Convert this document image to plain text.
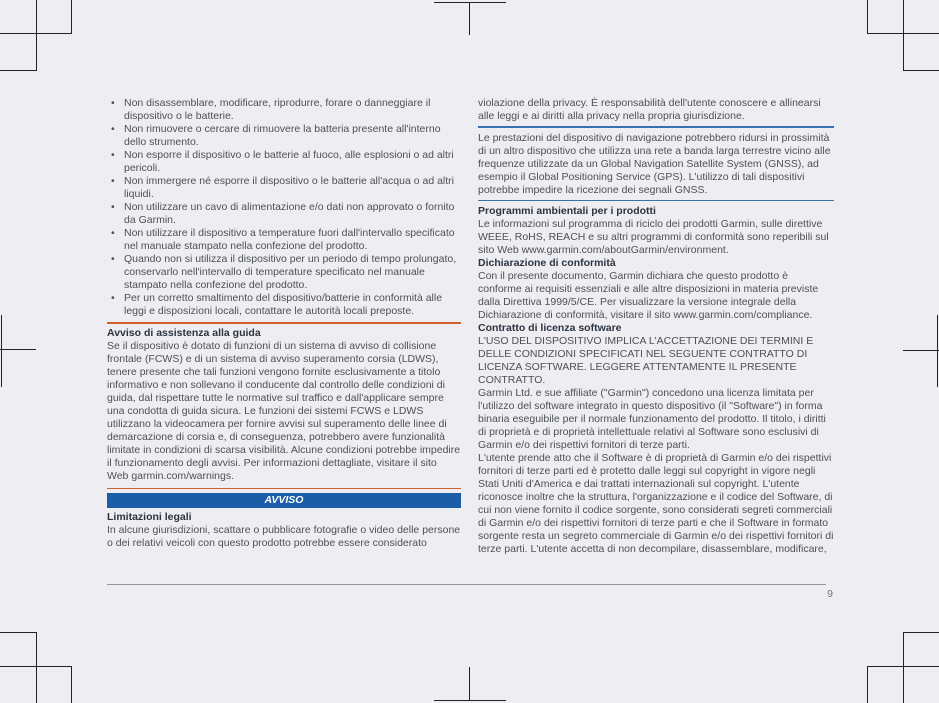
• Non disassemblare, modificare, riprodurre, forare o danneggiare il dispositivo o le batterie.
• Non rimuovere o cercare di rimuovere la batteria presente all'interno dello strumento.
• Non esporre il dispositivo o le batterie al fuoco, alle esplosioni o ad altri pericoli.
• Non immergere né esporre il dispositivo o le batterie all'acqua o ad altri liquidi.
• Non utilizzare un cavo di alimentazione e/o dati non approvato o fornito da Garmin.
• Non utilizzare il dispositivo a temperature fuori dall'intervallo specificato nel manuale stampato nella confezione del prodotto.
• Quando non si utilizza il dispositivo per un periodo di tempo prolungato, conservarlo nell'intervallo di temperature specificato nel manuale stampato nella confezione del prodotto.
• Per un corretto smaltimento del dispositivo/batterie in conformità alle leggi e disposizioni locali, contattare le autorità locali preposte.
Avviso di assistenza alla guida

Se il dispositivo è dotato di funzioni di un sistema di avviso di collisione frontale (FCWS) e di un sistema di avviso superamento corsia (LDWS), tenere presente che tali funzioni vengono fornite esclusivamente a titolo informativo e non sollevano il conducente dal controllo delle condizioni di guida, dal rispettare tutte le normative sul traffico e dall'applicare sempre una condotta di guida sicura. Le funzioni dei sistemi FCWS e LDWS utilizzano la videocamera per fornire avvisi sul superamento delle linee di demarcazione di corsia e, di conseguenza, potrebbero avere funzionalità limitate in condizioni di scarsa visibilità. Alcune condizioni potrebbe impedire il funzionamento degli avvisi. Per informazioni dettagliate, visitare il sito Web garmin.com/warnings.

AVVISO
Limitazioni legali

In alcune giurisdizioni, scattare o pubblicare fotografie o video delle persone o dei relativi veicoli con questo prodotto potrebbe essere considerato

violazione della privacy. È responsabilità dell'utente conoscere e allinearsi alle leggi e ai diritti alla privacy nella propria giurisdizione.

Le prestazioni del dispositivo di navigazione potrebbero ridursi in prossimità di un altro dispositivo che utilizza una rete a banda larga terrestre vicino alle frequenze utilizzate da un Global Navigation Satellite System (GNSS), ad esempio il Global Positioning Service (GPS). L'utilizzo di tali dispositivi potrebbe impedire la ricezione dei segnali GNSS.

Programmi ambientali per i prodotti

Le informazioni sul programma di riciclo dei prodotti Garmin, sulle direttive WEEE, RoHS, REACH e su altri programmi di conformità sono reperibili sul sito Web www.garmin.com/aboutGarmin/environment.

Dichiarazione di conformità

Con il presente documento, Garmin dichiara che questo prodotto è conforme ai requisiti essenziali e alle altre disposizioni in materia previste dalla Direttiva 1999/5/CE. Per visualizzare la versione integrale della Dichiarazione di conformità, visitare il sito www.garmin.com/compliance.

Contratto di licenza software

L'USO DEL DISPOSITIVO IMPLICA L'ACCETTAZIONE DEI TERMINI E DELLE CONDIZIONI SPECIFICATI NEL SEGUENTE CONTRATTO DI LICENZA SOFTWARE. LEGGERE ATTENTAMENTE IL PRESENTE CONTRATTO.

Garmin Ltd. e sue affiliate ("Garmin") concedono una licenza limitata per l'utilizzo del software integrato in questo dispositivo (il "Software") in forma binaria eseguibile per il normale funzionamento del prodotto. Il titolo, i diritti di proprietà e di proprietà intellettuale relativi al Software sono esclusivi di Garmin e/o dei rispettivi fornitori di terze parti.

L'utente prende atto che il Software è di proprietà di Garmin e/o dei rispettivi fornitori di terze parti ed è protetto dalle leggi sul copyright in vigore negli Stati Uniti d'America e dai trattati internazionali sul copyright. L'utente riconosce inoltre che la struttura, l'organizzazione e il codice del Software, di cui non viene fornito il codice sorgente, sono considerati segreti commerciali di Garmin e/o dei rispettivi fornitori di terze parti e che il Software in formato sorgente resta un segreto commerciale di Garmin e/o dei rispettivi fornitori di terze parti. L'utente accetta di non decompilare, disassemblare, modificare,

9
